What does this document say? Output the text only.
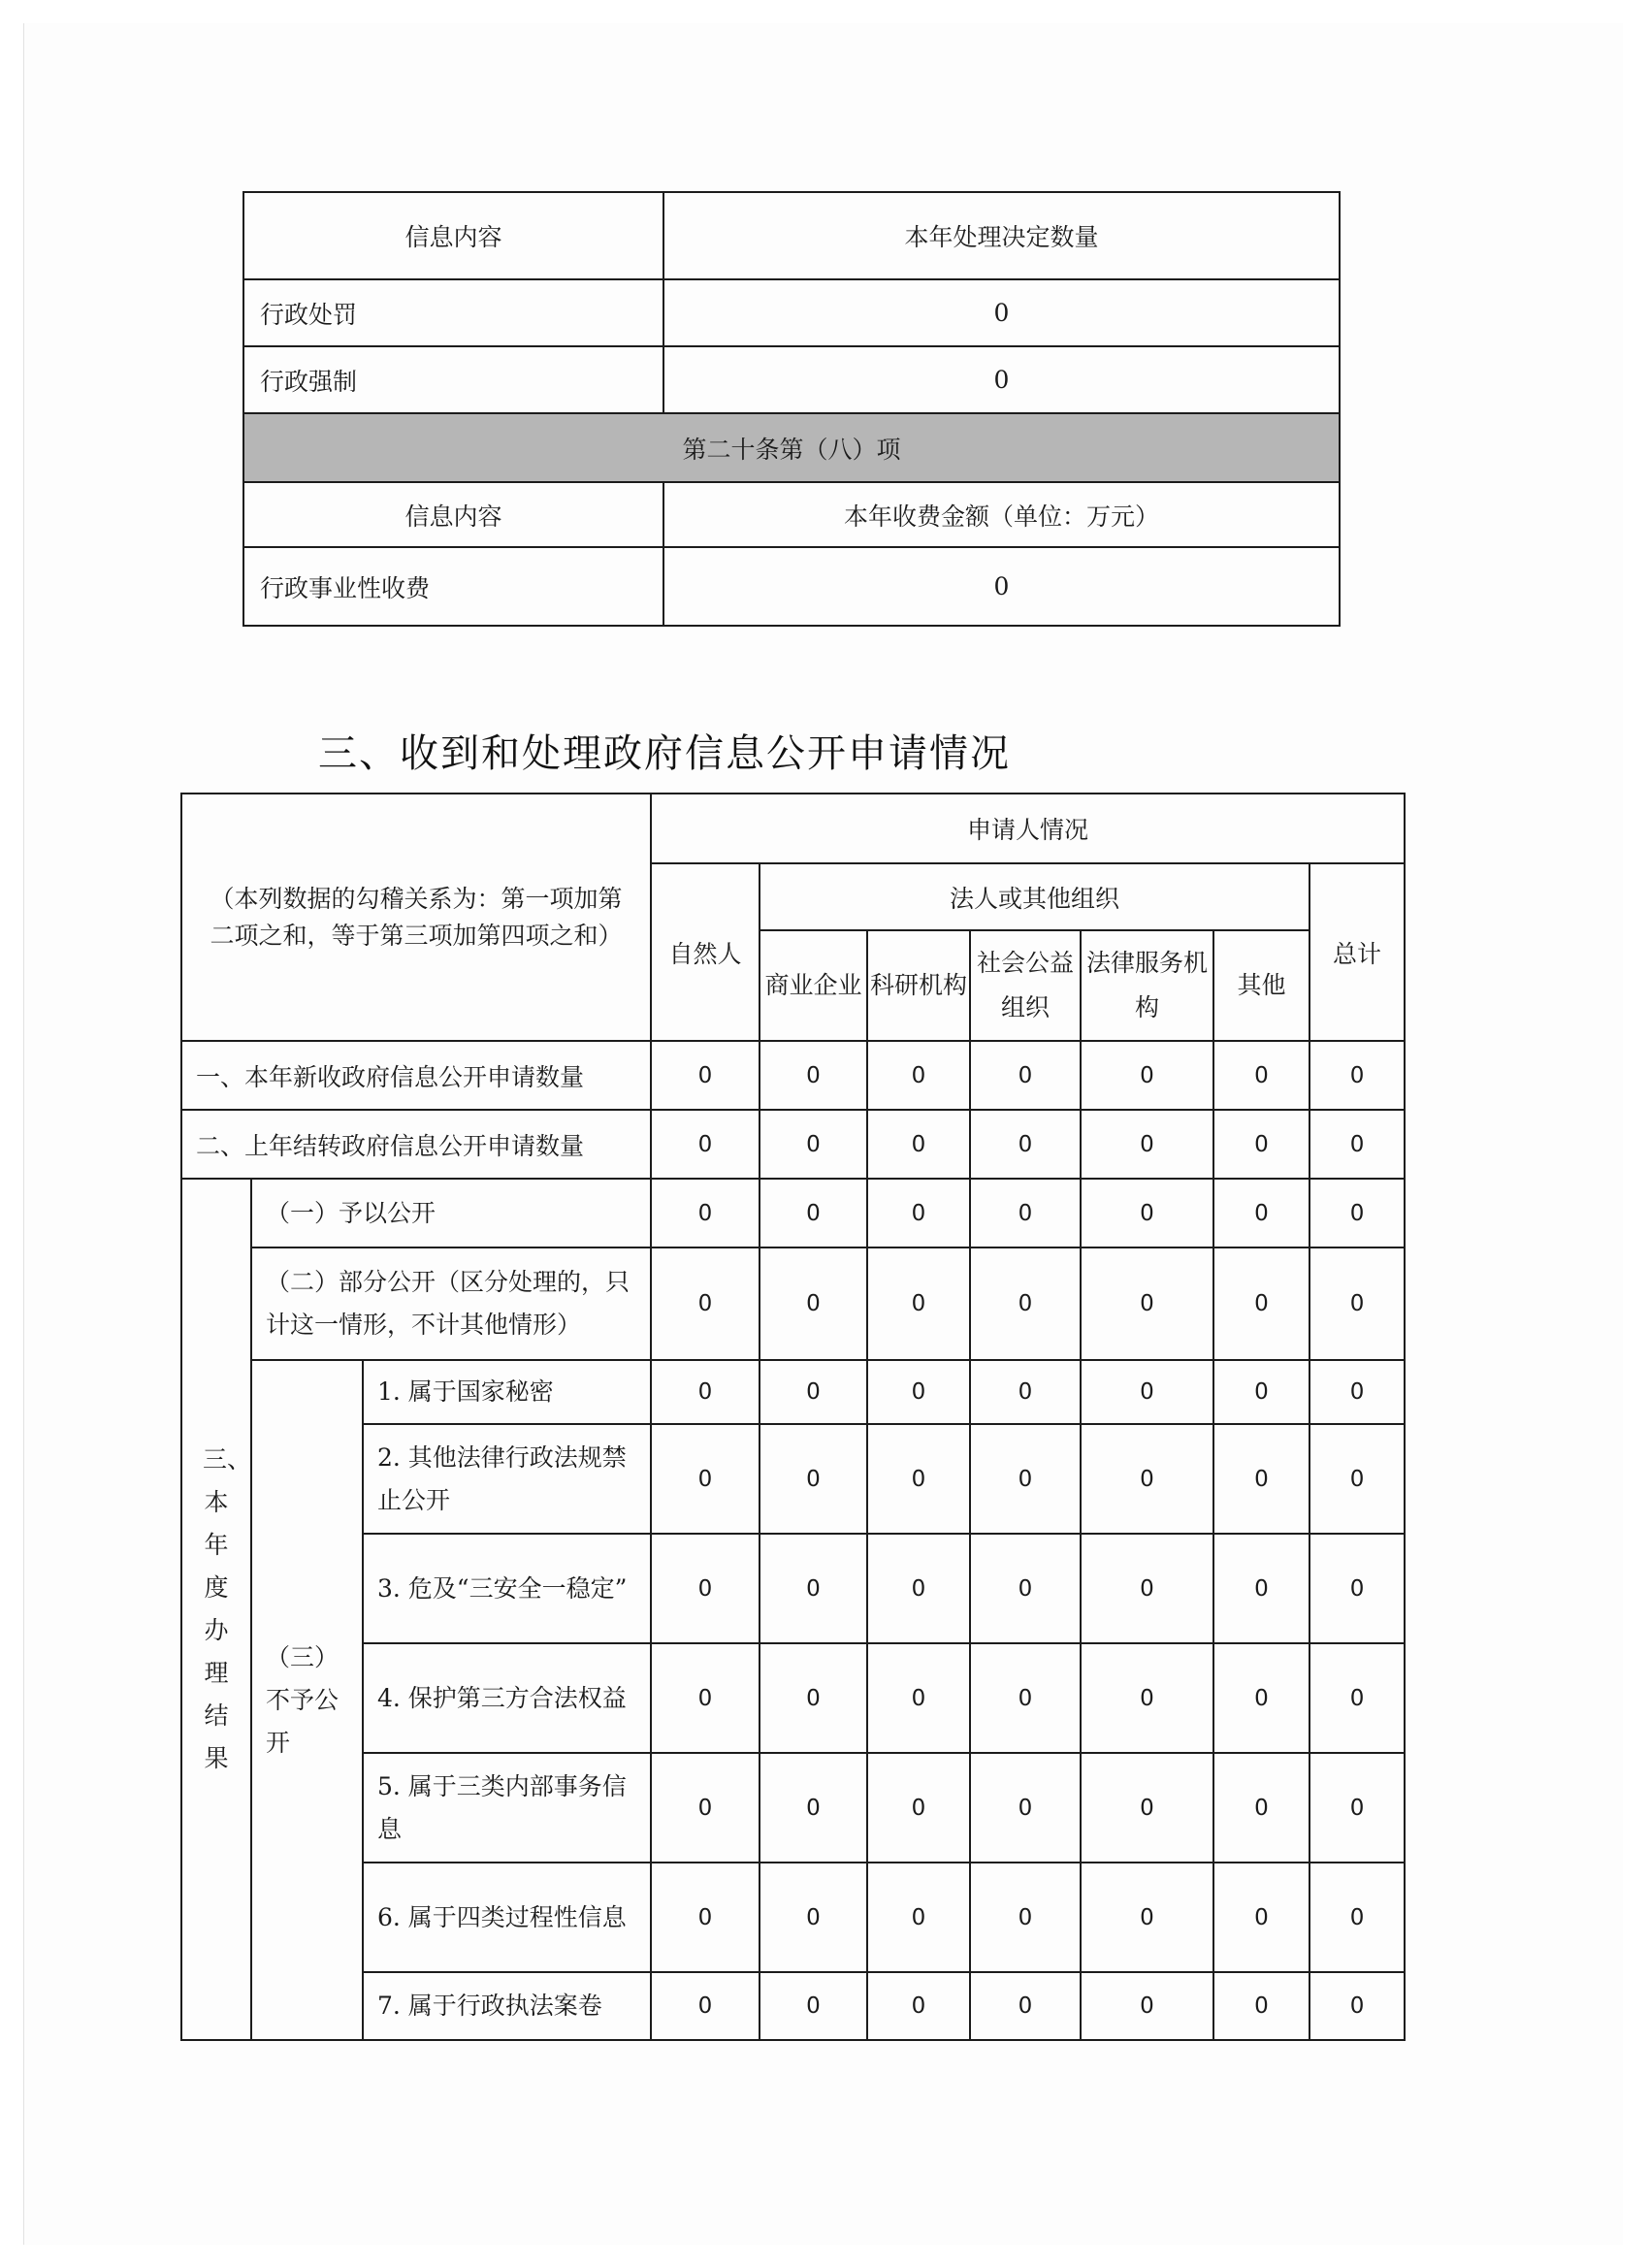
信息内容	本年处理决定数量
行政处罚	0
行政强制	0
第二十条第（八）项	
信息内容	本年收费金额（单位：万元）
行政事业性收费	0
三、收到和处理政府信息公开申请情况
（本列数据的勾稽关系为：第一项加第二项之和，等于第三项加第四项之和）			申请人情况						
			自然人	法人或其他组织					总计
				商业企业	科研机构	社会公益组织	法律服务机构	其他	
一、本年新收政府信息公开申请数量			0	0	0	0	0	0	0
二、上年结转政府信息公开申请数量			0	0	0	0	0	0	0

三、本年度办理结果	（一）予以公开		0	0	0	0	0	0	0
	（二）部分公开（区分处理的，只计这一情形，不计其他情形）		0	0	0	0	0	0	0
	（三）不予公开	1. 属于国家秘密	0	0	0	0	0	0	0
		2. 其他法律行政法规禁止公开	0	0	0	0	0	0	0
		3. 危及“三安全一稳定”	0	0	0	0	0	0	0
		4. 保护第三方合法权益	0	0	0	0	0	0	0
		5. 属于三类内部事务信息	0	0	0	0	0	0	0
		6. 属于四类过程性信息	0	0	0	0	0	0	0
		7. 属于行政执法案卷	0	0	0	0	0	0	0
